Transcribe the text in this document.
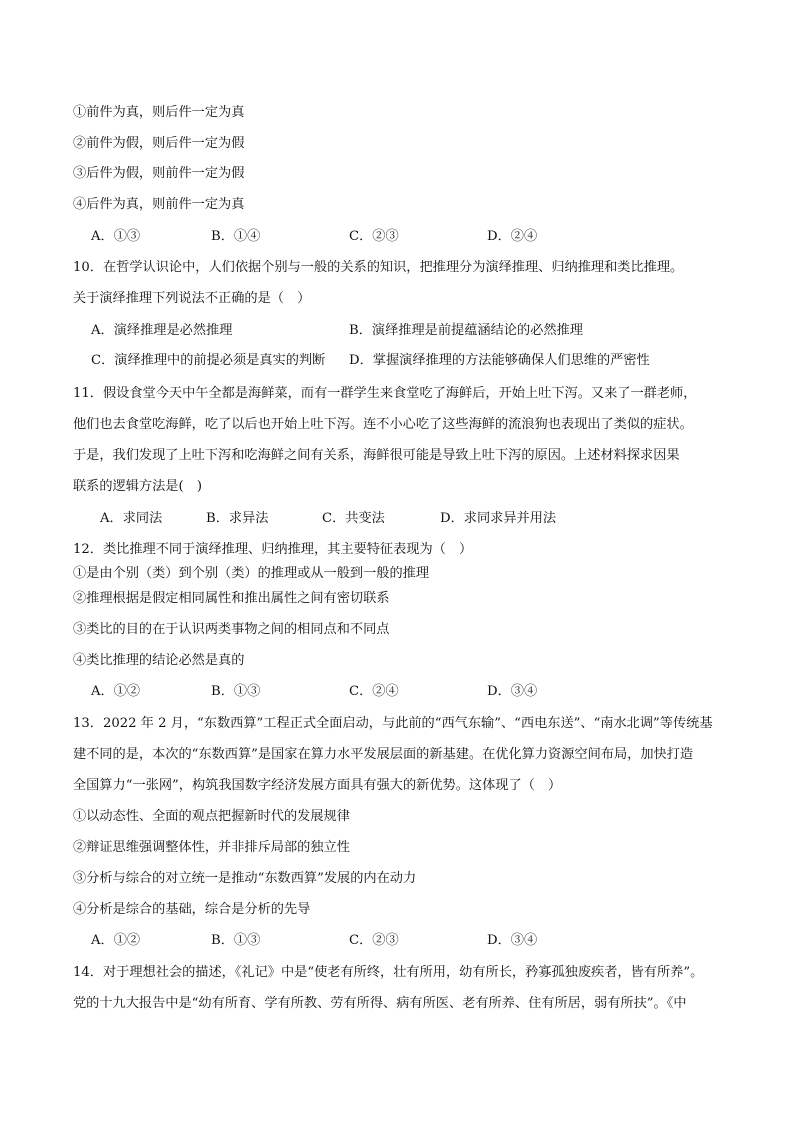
①前件为真，则后件一定为真
②前件为假，则后件一定为假
③后件为假，则前件一定为假
④后件为真，则前件一定为真
A．①③	B．①④	C．②③	D．②④
10．在哲学认识论中，人们依据个别与一般的关系的知识，把推理分为演绎推理、归纳推理和类比推理。
关于演绎推理下列说法不正确的是（　）
A．演绎推理是必然推理	B．演绎推理是前提蕴涵结论的必然推理
C．演绎推理中的前提必须是真实的判断 D．掌握演绎推理的方法能够确保人们思维的严密性
11．假设食堂今天中午全都是海鲜菜，而有一群学生来食堂吃了海鲜后，开始上吐下泻。又来了一群老师，
他们也去食堂吃海鲜，吃了以后也开始上吐下泻。连不小心吃了这些海鲜的流浪狗也表现出了类似的症状。
于是，我们发现了上吐下泻和吃海鲜之间有关系，海鲜很可能是导致上吐下泻的原因。上述材料探求因果
联系的逻辑方法是(　)
A．求同法	B．求异法	C．共变法	D．求同求异并用法
12．类比推理不同于演绎推理、归纳推理，其主要特征表现为（　）
①是由个别（类）到个别（类）的推理或从一般到一般的推理
②推理根据是假定相同属性和推出属性之间有密切联系
③类比的目的在于认识两类事物之间的相同点和不同点
④类比推理的结论必然是真的
A．①②	B．①③	C．②④	D．③④
13．2022 年 2 月，“东数西算”工程正式全面启动，与此前的“西气东输”、“西电东送”、“南水北调”等传统基
建不同的是，本次的“东数西算”是国家在算力水平发展层面的新基建。在优化算力资源空间布局，加快打造
全国算力“一张网”，构筑我国数字经济发展方面具有强大的新优势。这体现了（　）
①以动态性、全面的观点把握新时代的发展规律
②辩证思维强调整体性，并非排斥局部的独立性
③分析与综合的对立统一是推动“东数西算”发展的内在动力
④分析是综合的基础，综合是分析的先导
A．①②	B．①③	C．②③	D．③④
14．对于理想社会的描述，《礼记》中是“使老有所终，壮有所用，幼有所长，矜寡孤独废疾者，皆有所养”。
党的十九大报告中是“幼有所育、学有所教、劳有所得、病有所医、老有所养、住有所居，弱有所扶”。《中
